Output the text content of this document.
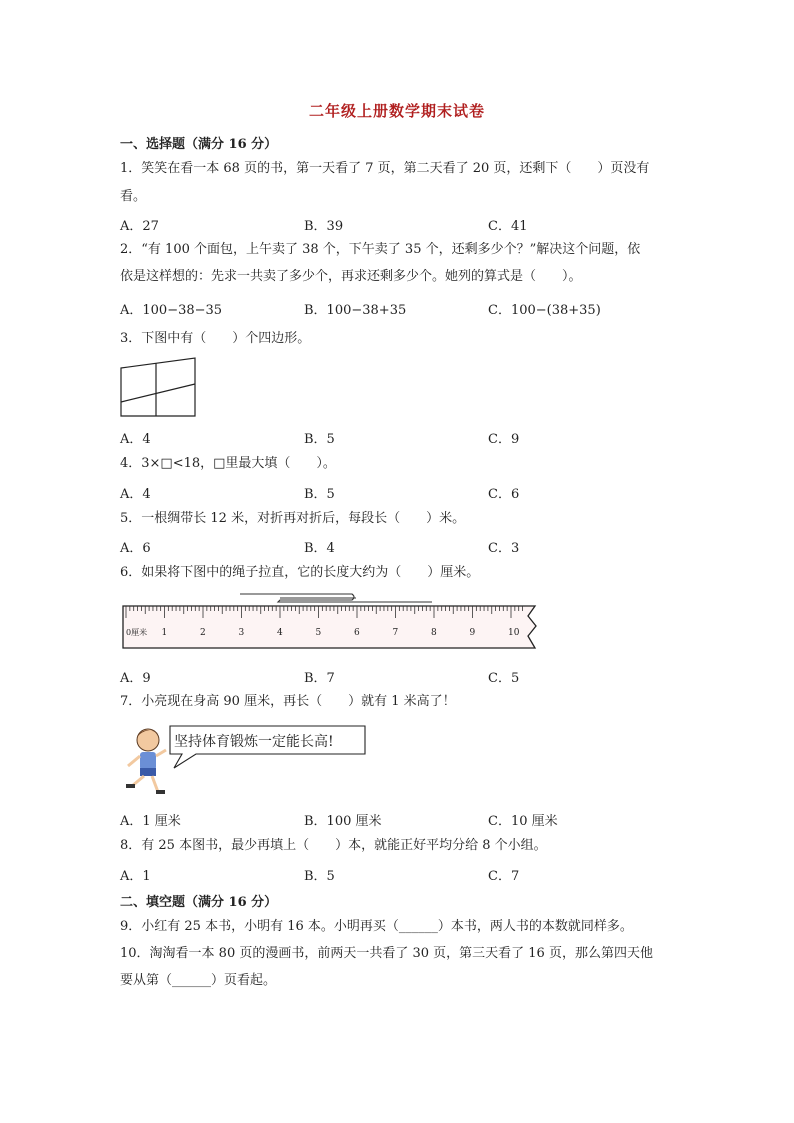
二年级上册数学期末试卷
一、选择题（满分 16 分）
1．笑笑在看一本 68 页的书，第一天看了 7 页，第二天看了 20 页，还剩下（　　）页没有
看。
A．27	B．39	C．41
2．“有 100 个面包，上午卖了 38 个，下午卖了 35 个，还剩多少个？”解决这个问题，依
依是这样想的：先求一共卖了多少个，再求还剩多少个。她列的算式是（　　）。
A．100−38−35	B．100−38+35	C．100−(38+35)
3．下图中有（　　）个四边形。
A．4	B．5	C．9
4．3×□<18，□里最大填（　　）。
A．4	B．5	C．6
5．一根绸带长 12 米，对折再对折后，每段长（　　）米。
A．6	B．4	C．3
6．如果将下图中的绳子拉直，它的长度大约为（　　）厘米。
0厘米 1	2	3	4	5	6	7	8	9	10
A．9	B．7	C．5
7．小亮现在身高 90 厘米，再长（　　）就有 1 米高了！
坚持体育锻炼一定能长高!
A．1 厘米	B．100 厘米	C．10 厘米
8．有 25 本图书，最少再填上（　　）本，就能正好平均分给 8 个小组。
A．1	B．5	C．7
二、填空题（满分 16 分）
9．小红有 25 本书，小明有 16 本。小明再买（______）本书，两人书的本数就同样多。
10．淘淘看一本 80 页的漫画书，前两天一共看了 30 页，第三天看了 16 页，那么第四天他
要从第（______）页看起。
